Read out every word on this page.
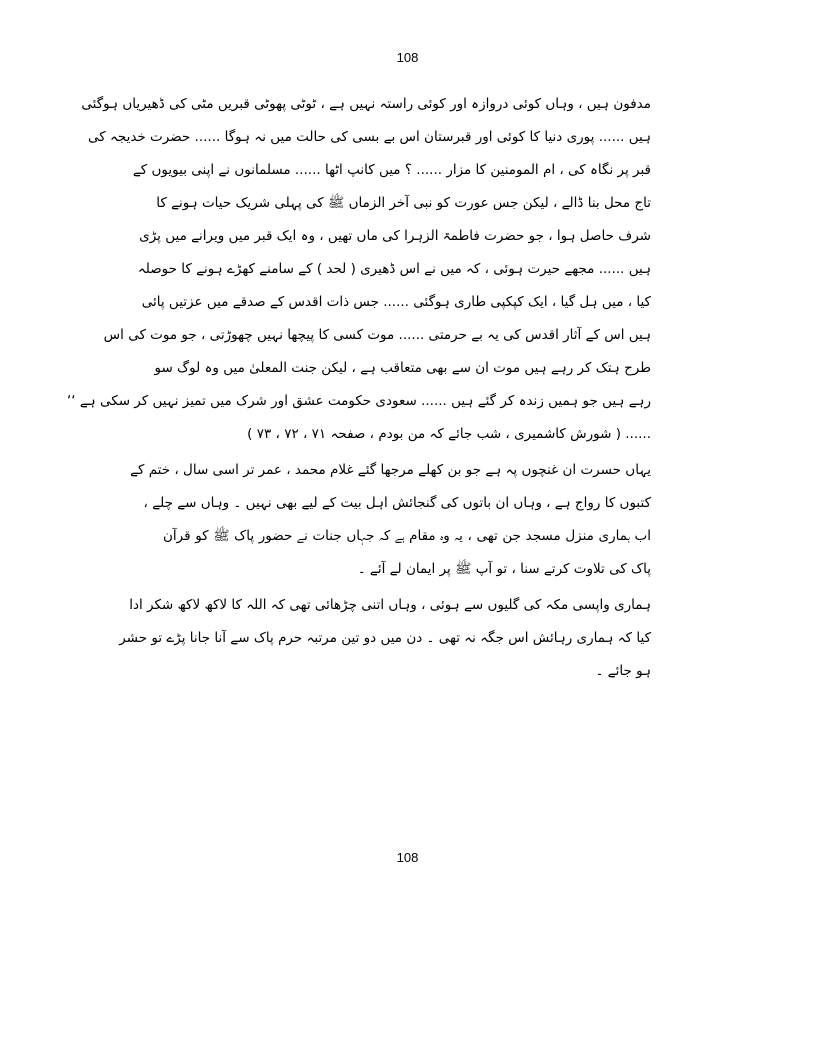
108
مدفون ہیں ، وہاں کوئی دروازہ اور کوئی راستہ نہیں ہے ، ٹوٹی پھوٹی قبریں مٹی کی ڈھیریاں ہوگئی
ہیں ...... پوری دنیا کا کوئی اور قبرستان اس بے بسی کی حالت میں نہ ہوگا ...... حضرت خدیجہ کی
قبر پر نگاہ کی ، ام المومنین کا مزار ...... ؟ میں کانپ اٹھا ...... مسلمانوں نے اپنی بیویوں کے
تاج محل بنا ڈالے ، لیکن جس عورت کو نبی آخر الزماں ﷺ کی پہلی شریک حیات ہونے کا
شرف حاصل ہوا ، جو حضرت فاطمۃ الزہرا کی ماں تھیں ، وہ ایک قبر میں ویرانے میں پڑی
ہیں ...... مجھے حیرت ہوئی ، کہ میں نے اس ڈھیری ( لحد ) کے سامنے کھڑے ہونے کا حوصلہ
کیا ، میں ہل گیا ، ایک کپکپی طاری ہوگئی ...... جس ذات اقدس کے صدقے میں عزتیں پائی
ہیں اس کے آثار اقدس کی یہ بے حرمتی ...... موت کسی کا پیچھا نہیں چھوڑتی ، جو موت کی اس
طرح ہتک کر رہے ہیں موت ان سے بھی متعاقب ہے ، لیکن جنت المعلیٰ میں وہ لوگ سو
رہے ہیں جو ہمیں زندہ کر گئے ہیں ...... سعودی حکومت عشق اور شرک میں تمیز نہیں کر سکی ہے ‘‘
...... ( شورش کاشمیری ، شب جائے کہ من بودم ، صفحہ ۷۱ ، ۷۲ ، ۷۳ )
یہاں حسرت ان غنچوں پہ ہے جو بن کھلے مرجھا گئے غلام محمد ، عمر تر اسی سال ، ختم کے
کتبوں کا رواج ہے ، وہاں ان باتوں کی گنجائش اہل بیت کے لیے بھی نہیں ۔ وہاں سے چلے ،
اب ہماری منزل مسجد جن تھی ، یہ وہ مقام ہے کہ جہاں جنات نے حضور پاک ﷺ کو قرآن
پاک کی تلاوت کرتے سنا ، تو آپ ﷺ پر ایمان لے آئے ۔
ہماری واپسی مکہ کی گلیوں سے ہوئی ، وہاں اتنی چڑھائی تھی کہ اللہ کا لاکھ لاکھ شکر ادا
کیا کہ ہماری رہائش اس جگہ نہ تھی ۔ دن میں دو تین مرتبہ حرم پاک سے آنا جانا پڑے تو حشر
ہو جائے ۔
108
